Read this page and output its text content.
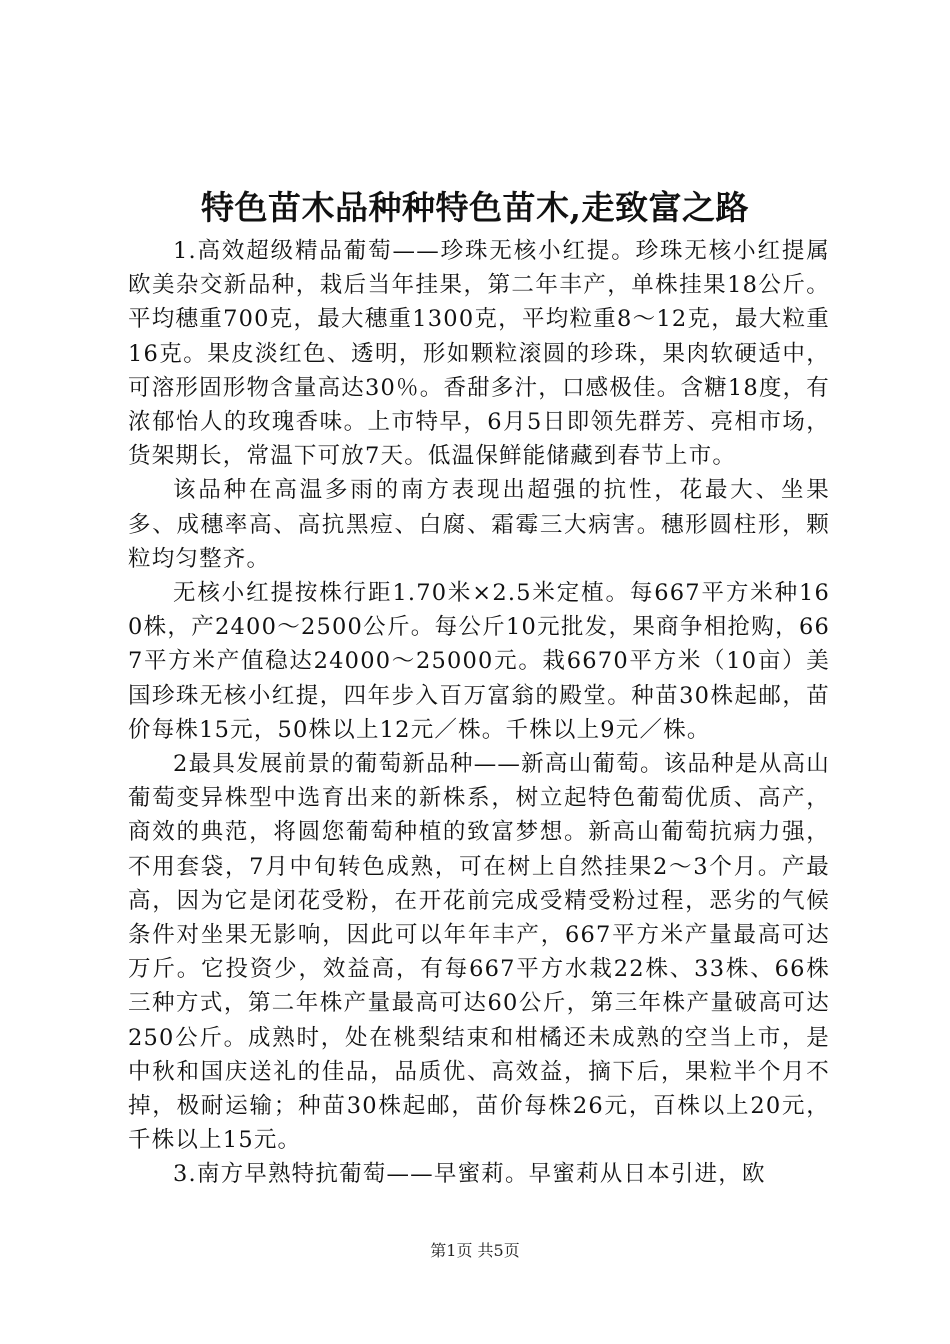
特色苗木品种种特色苗木,走致富之路

1.高效超级精品葡萄——珍珠无核小红提。珍珠无核小红提属欧美杂交新品种，栽后当年挂果，第二年丰产，单株挂果18公斤。平均穗重700克，最大穗重1300克，平均粒重8～12克，最大粒重16克。果皮淡红色、透明，形如颗粒滚圆的珍珠，果肉软硬适中，可溶形固形物含量高达30％。香甜多汁，口感极佳。含糖18度，有浓郁怡人的玫瑰香味。上市特早，6月5日即领先群芳、亮相市场，货架期长，常温下可放7天。低温保鲜能储藏到春节上市。

该品种在高温多雨的南方表现出超强的抗性，花最大、坐果多、成穗率高、高抗黑痘、白腐、霜霉三大病害。穗形圆柱形，颗粒均匀整齐。

无核小红提按株行距1.70米×2.5米定植。每667平方米种160株，产2400～2500公斤。每公斤10元批发，果商争相抢购，667平方米产值稳达24000～25000元。栽6670平方米（10亩）美国珍珠无核小红提，四年步入百万富翁的殿堂。种苗30株起邮，苗价每株15元，50株以上12元／株。千株以上9元／株。

2最具发展前景的葡萄新品种——新高山葡萄。该品种是从高山葡萄变异株型中选育出来的新株系，树立起特色葡萄优质、高产，商效的典范，将圆您葡萄种植的致富梦想。新高山葡萄抗病力强，不用套袋，7月中旬转色成熟，可在树上自然挂果2～3个月。产最高，因为它是闭花受粉，在开花前完成受精受粉过程，恶劣的气候条件对坐果无影响，因此可以年年丰产，667平方米产量最高可达万斤。它投资少，效益高，有每667平方水栽22株、33株、66株三种方式，第二年株产量最高可达60公斤，第三年株产量破高可达250公斤。成熟时，处在桃梨结束和柑橘还未成熟的空当上市，是中秋和国庆送礼的佳品，品质优、高效益，摘下后，果粒半个月不掉，极耐运输；种苗30株起邮，苗价每株26元，百株以上20元，千株以上15元。

3.南方早熟特抗葡萄——早蜜莉。早蜜莉从日本引进，欧

第1页 共5页
